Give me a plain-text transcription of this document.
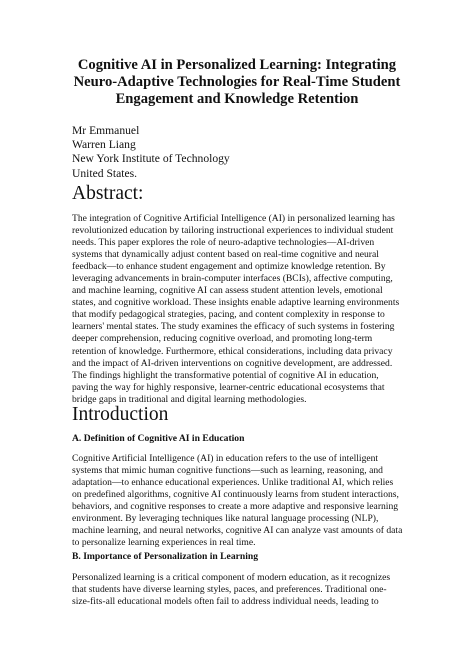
Cognitive AI in Personalized Learning: Integrating
Neuro-Adaptive Technologies for Real-Time Student
Engagement and Knowledge Retention
Mr Emmanuel
Warren Liang
New York Institute of Technology
United States.
Abstract:
The integration of Cognitive Artificial Intelligence (AI) in personalized learning has
revolutionized education by tailoring instructional experiences to individual student
needs. This paper explores the role of neuro-adaptive technologies—AI-driven
systems that dynamically adjust content based on real-time cognitive and neural
feedback—to enhance student engagement and optimize knowledge retention. By
leveraging advancements in brain-computer interfaces (BCIs), affective computing,
and machine learning, cognitive AI can assess student attention levels, emotional
states, and cognitive workload. These insights enable adaptive learning environments
that modify pedagogical strategies, pacing, and content complexity in response to
learners' mental states. The study examines the efficacy of such systems in fostering
deeper comprehension, reducing cognitive overload, and promoting long-term
retention of knowledge. Furthermore, ethical considerations, including data privacy
and the impact of AI-driven interventions on cognitive development, are addressed.
The findings highlight the transformative potential of cognitive AI in education,
paving the way for highly responsive, learner-centric educational ecosystems that
bridge gaps in traditional and digital learning methodologies.
Introduction
A. Definition of Cognitive AI in Education
Cognitive Artificial Intelligence (AI) in education refers to the use of intelligent
systems that mimic human cognitive functions—such as learning, reasoning, and
adaptation—to enhance educational experiences. Unlike traditional AI, which relies
on predefined algorithms, cognitive AI continuously learns from student interactions,
behaviors, and cognitive responses to create a more adaptive and responsive learning
environment. By leveraging techniques like natural language processing (NLP),
machine learning, and neural networks, cognitive AI can analyze vast amounts of data
to personalize learning experiences in real time.
B. Importance of Personalization in Learning
Personalized learning is a critical component of modern education, as it recognizes
that students have diverse learning styles, paces, and preferences. Traditional one-
size-fits-all educational models often fail to address individual needs, leading to
